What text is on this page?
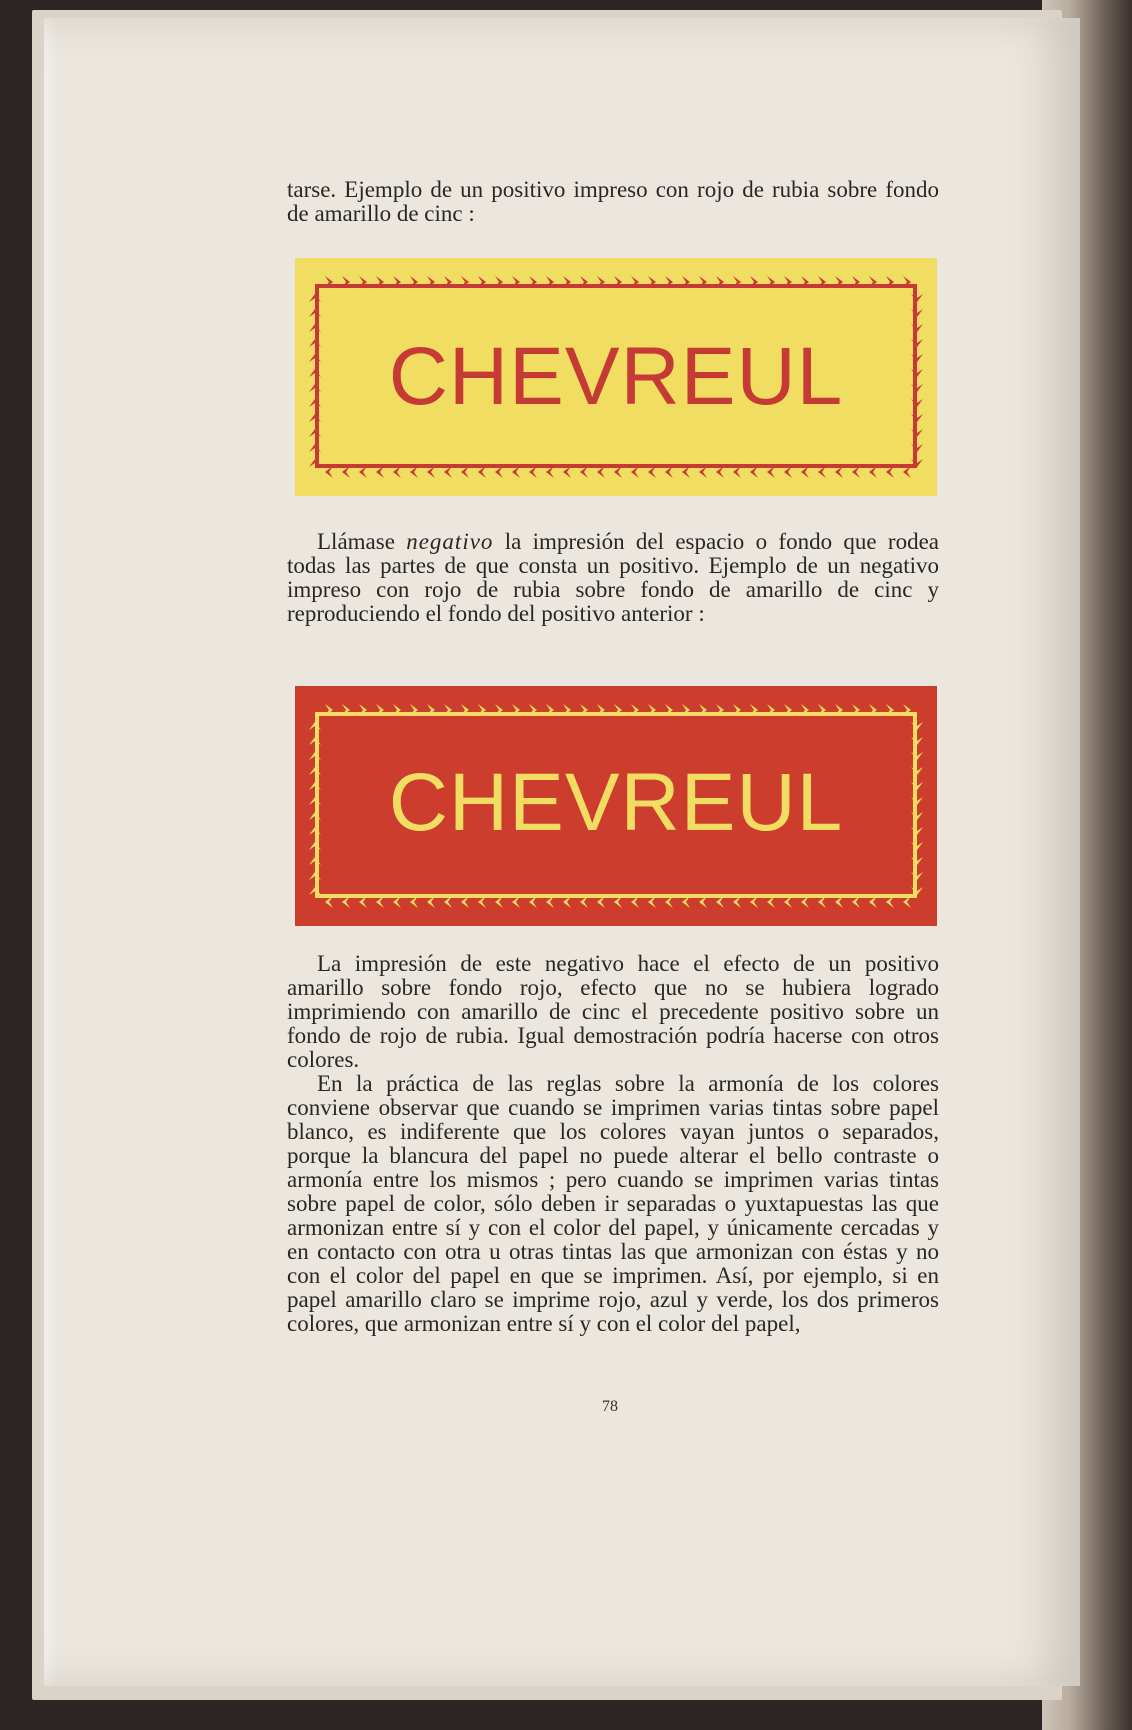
tarse. Ejemplo de un positivo impreso con rojo de rubia sobre fondo de amarillo de cinc :

CHEVREUL

Llámase negativo la impresión del espacio o fondo que rodea todas las partes de que consta un positivo. Ejemplo de un negativo impreso con rojo de rubia sobre fondo de amarillo de cinc y reproduciendo el fondo del positivo anterior :

CHEVREUL

La impresión de este negativo hace el efecto de un positivo amarillo sobre fondo rojo, efecto que no se hubiera logrado imprimiendo con amarillo de cinc el precedente positivo sobre un fondo de rojo de rubia. Igual demostración podría hacerse con otros colores.

En la práctica de las reglas sobre la armonía de los colores conviene observar que cuando se imprimen varias tintas sobre papel blanco, es indiferente que los colores vayan juntos o separados, porque la blancura del papel no puede alterar el bello contraste o armonía entre los mismos ; pero cuando se imprimen varias tintas sobre papel de color, sólo deben ir separadas o yuxtapuestas las que armonizan entre sí y con el color del papel, y únicamente cercadas y en contacto con otra u otras tintas las que armonizan con éstas y no con el color del papel en que se imprimen. Así, por ejemplo, si en papel amarillo claro se imprime rojo, azul y verde, los dos primeros colores, que armonizan entre sí y con el color del papel,

78
